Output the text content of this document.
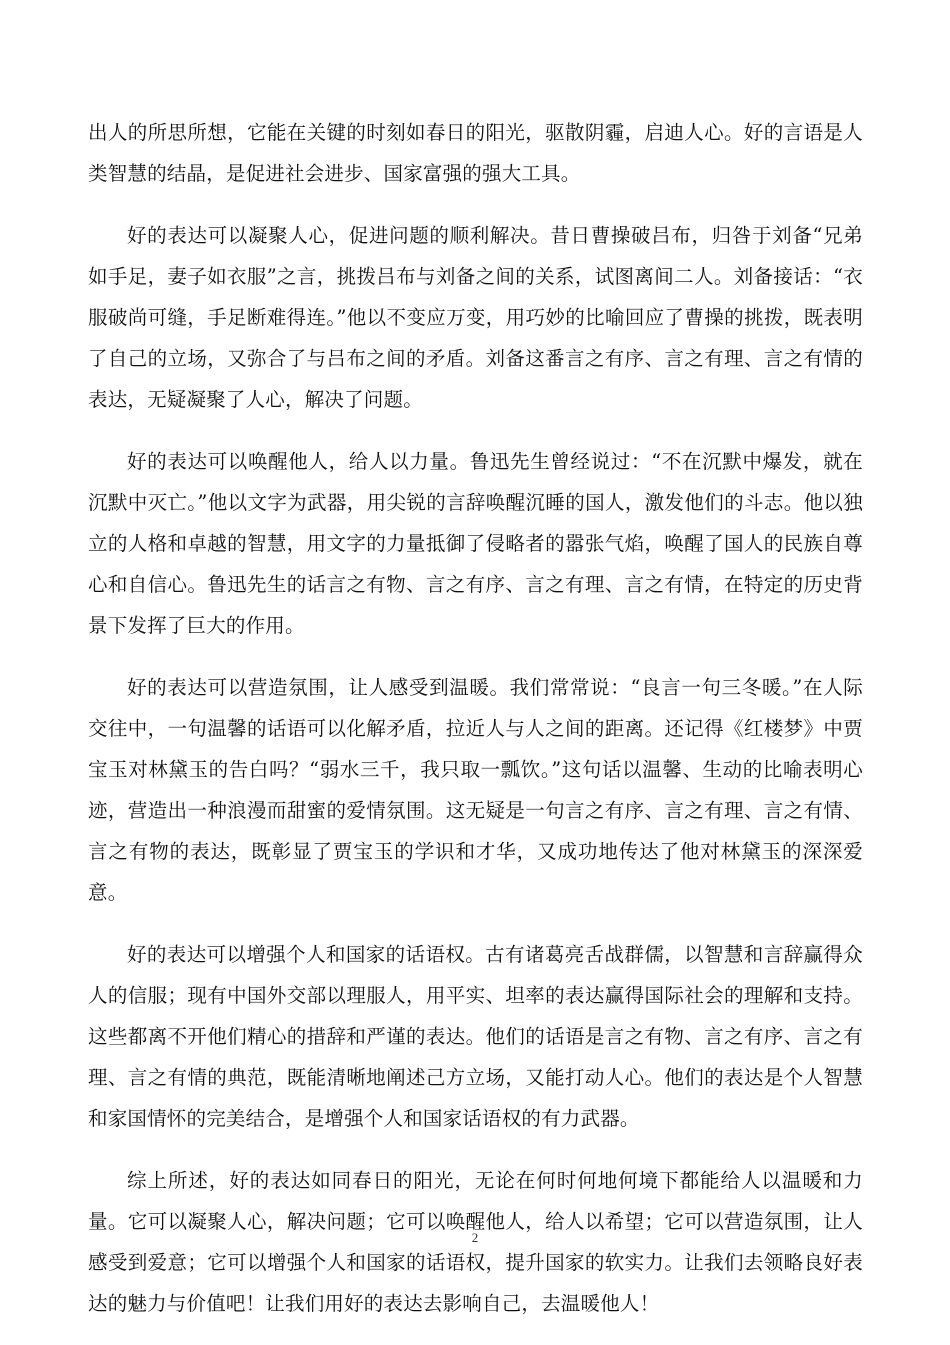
出人的所思所想，它能在关键的时刻如春日的阳光，驱散阴霾，启迪人心。好的言语是人类智慧的结晶，是促进社会进步、国家富强的强大工具。

好的表达可以凝聚人心，促进问题的顺利解决。昔日曹操破吕布，归咎于刘备“兄弟如手足，妻子如衣服”之言，挑拨吕布与刘备之间的关系，试图离间二人。刘备接话：“衣服破尚可缝，手足断难得连。”他以不变应万变，用巧妙的比喻回应了曹操的挑拨，既表明了自己的立场，又弥合了与吕布之间的矛盾。刘备这番言之有序、言之有理、言之有情的表达，无疑凝聚了人心，解决了问题。

好的表达可以唤醒他人，给人以力量。鲁迅先生曾经说过：“不在沉默中爆发，就在沉默中灭亡。”他以文字为武器，用尖锐的言辞唤醒沉睡的国人，激发他们的斗志。他以独立的人格和卓越的智慧，用文字的力量抵御了侵略者的嚣张气焰，唤醒了国人的民族自尊心和自信心。鲁迅先生的话言之有物、言之有序、言之有理、言之有情，在特定的历史背景下发挥了巨大的作用。

好的表达可以营造氛围，让人感受到温暖。我们常常说：“良言一句三冬暖。”在人际交往中，一句温馨的话语可以化解矛盾，拉近人与人之间的距离。还记得《红楼梦》中贾宝玉对林黛玉的告白吗？“弱水三千，我只取一瓢饮。”这句话以温馨、生动的比喻表明心迹，营造出一种浪漫而甜蜜的爱情氛围。这无疑是一句言之有序、言之有理、言之有情、言之有物的表达，既彰显了贾宝玉的学识和才华，又成功地传达了他对林黛玉的深深爱意。

好的表达可以增强个人和国家的话语权。古有诸葛亮舌战群儒，以智慧和言辞赢得众人的信服；现有中国外交部以理服人，用平实、坦率的表达赢得国际社会的理解和支持。这些都离不开他们精心的措辞和严谨的表达。他们的话语是言之有物、言之有序、言之有理、言之有情的典范，既能清晰地阐述己方立场，又能打动人心。他们的表达是个人智慧和家国情怀的完美结合，是增强个人和国家话语权的有力武器。

综上所述，好的表达如同春日的阳光，无论在何时何地何境下都能给人以温暖和力量。它可以凝聚人心，解决问题；它可以唤醒他人，给人以希望；它可以营造氛围，让人感受到爱意；它可以增强个人和国家的话语权，提升国家的软实力。让我们去领略良好表达的魅力与价值吧！让我们用好的表达去影响自己，去温暖他人！

2
